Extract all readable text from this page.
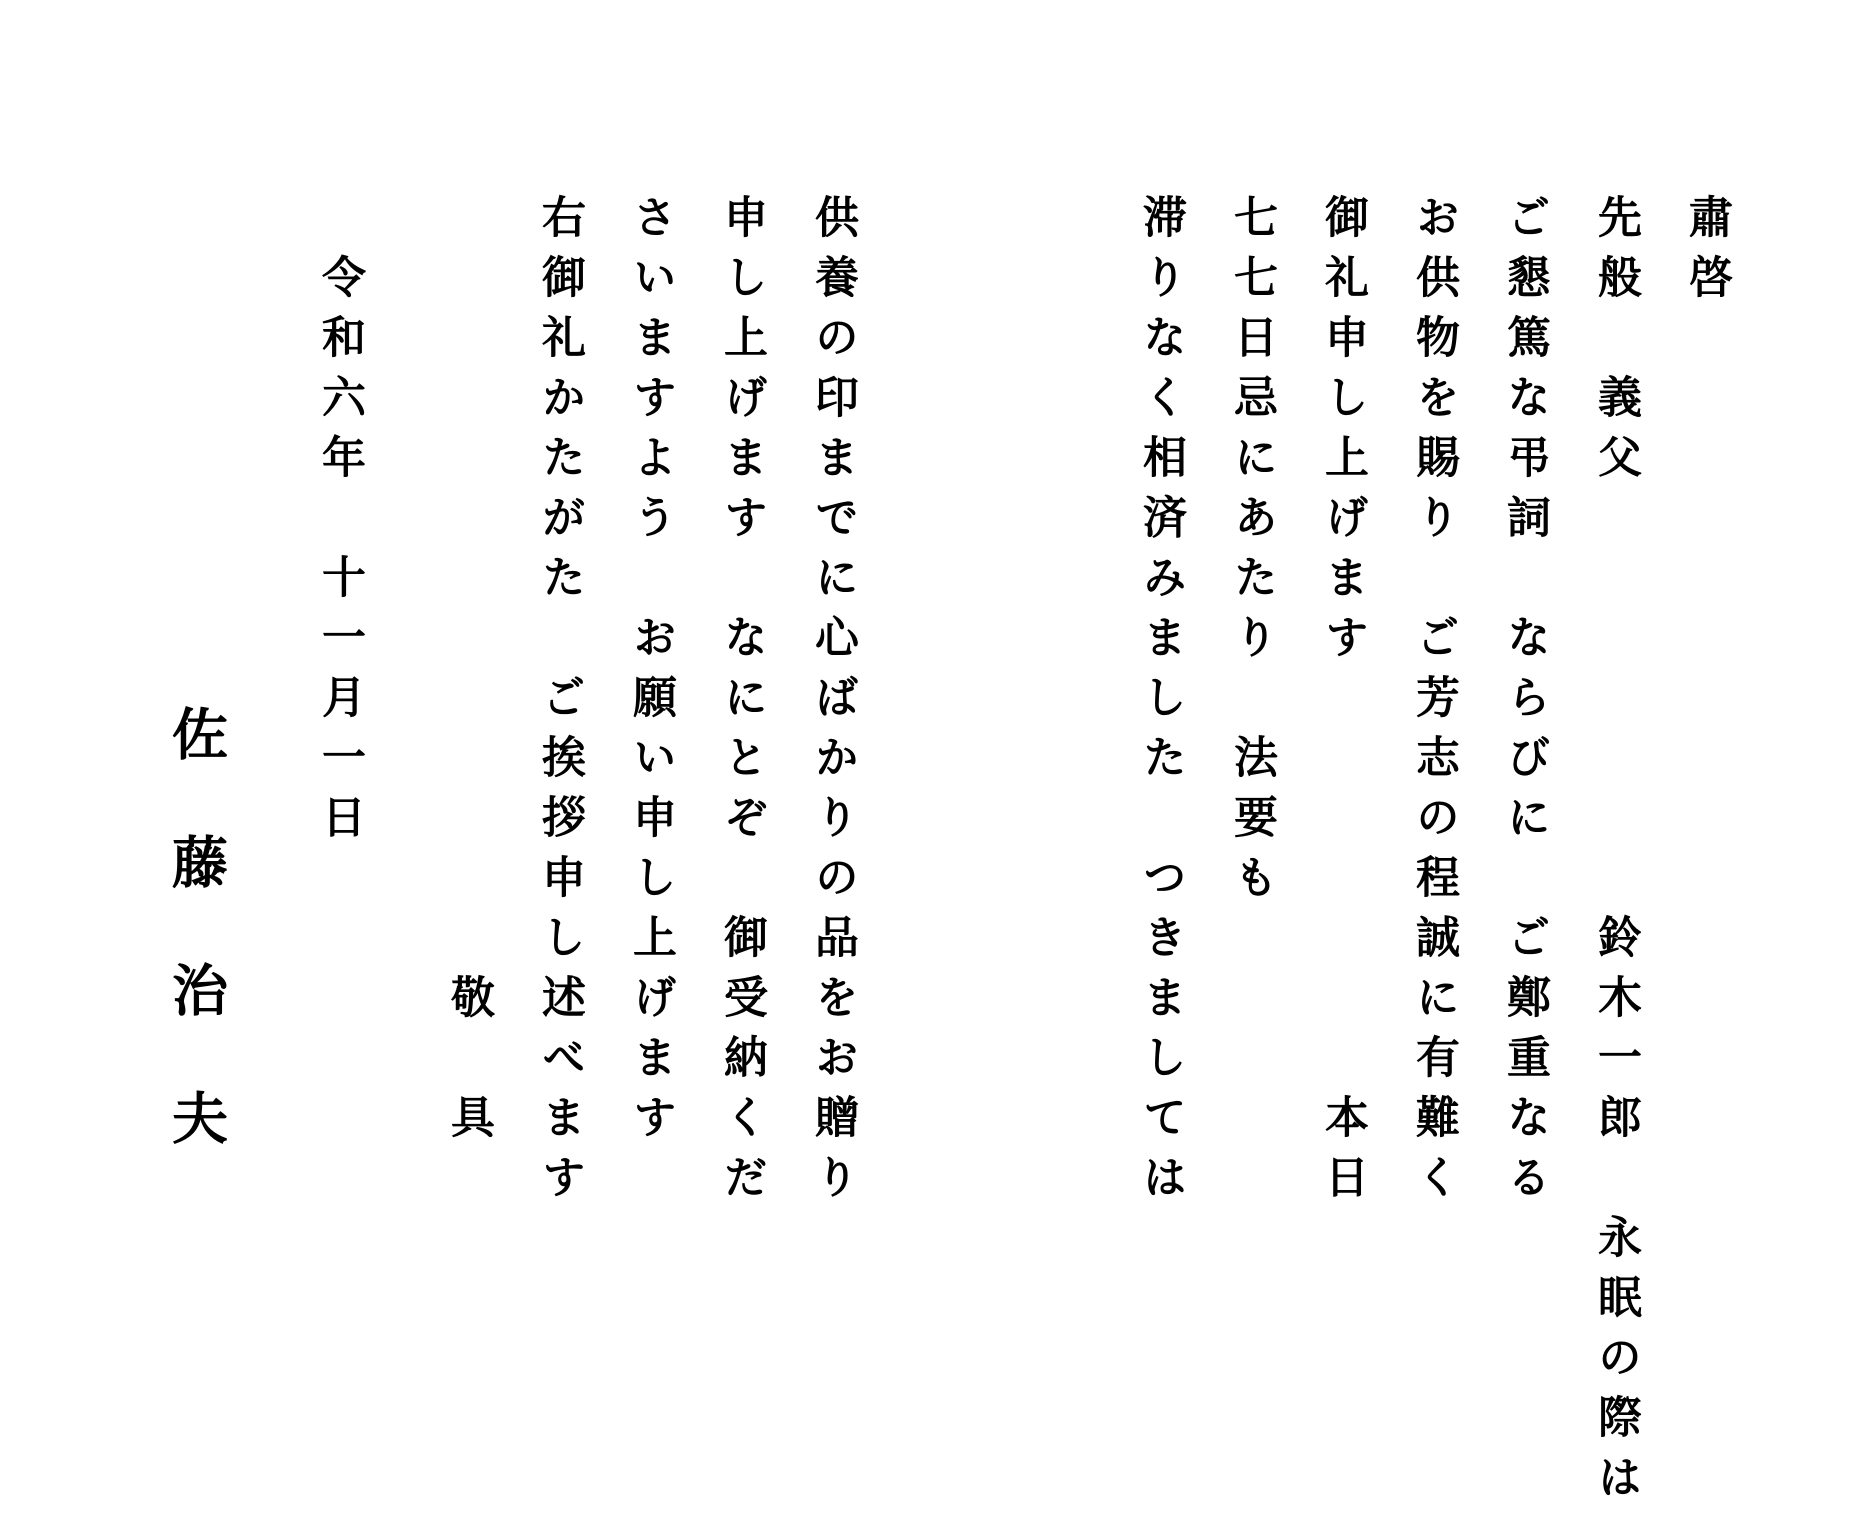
肅啓

先般　義父

　　　　　　鈴木一郎　永眠の際は

ご懇篤な弔詞　ならびに　ご鄭重なる

お供物を賜り　ご芳志の程誠に有難く

御礼申し上げます　　　　　　　本日

七七日忌にあたり　法要も

滞りなく相済みました　つきましては

供養の印までに心ばかりの品をお贈り

申し上げます　なにとぞ　御受納くだ

さいますよう　お願い申し上げます

右御礼かたがた　ご挨拶申し述べます

　　　　　　　　　　　　　敬　具

令和六年　十一月一日

佐藤治夫
